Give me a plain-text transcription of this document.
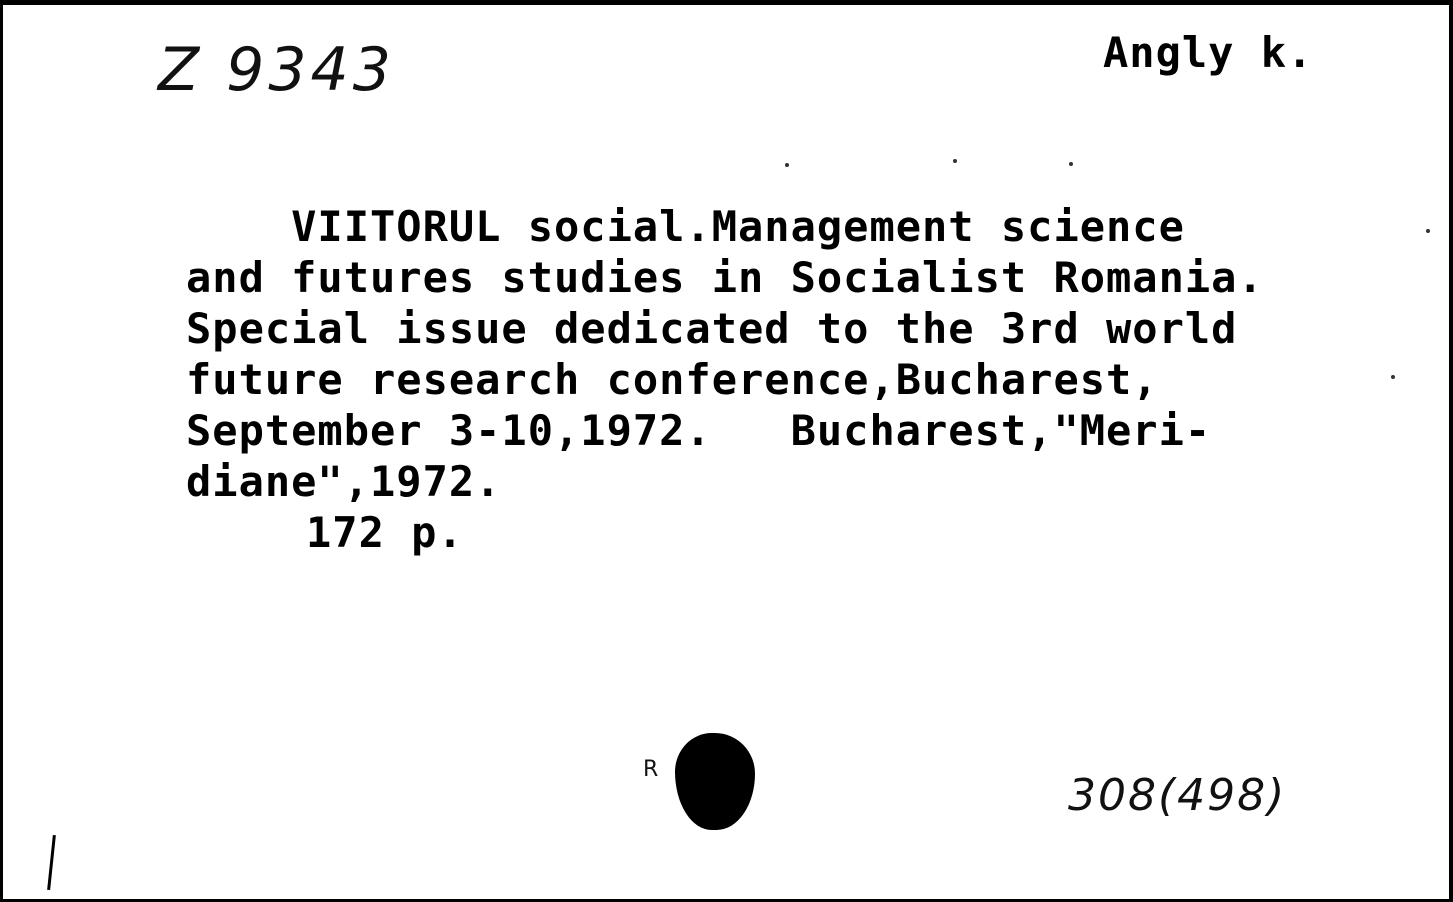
Z 9343	Angly k.
VIITORUL social.Management science
and futures studies in Socialist Romania.
Special issue dedicated to the 3rd world
future research conference,Bucharest,
September 3-10,1972.   Bucharest,"Meri-
diane",1972.
172 p.
R
308(498)
